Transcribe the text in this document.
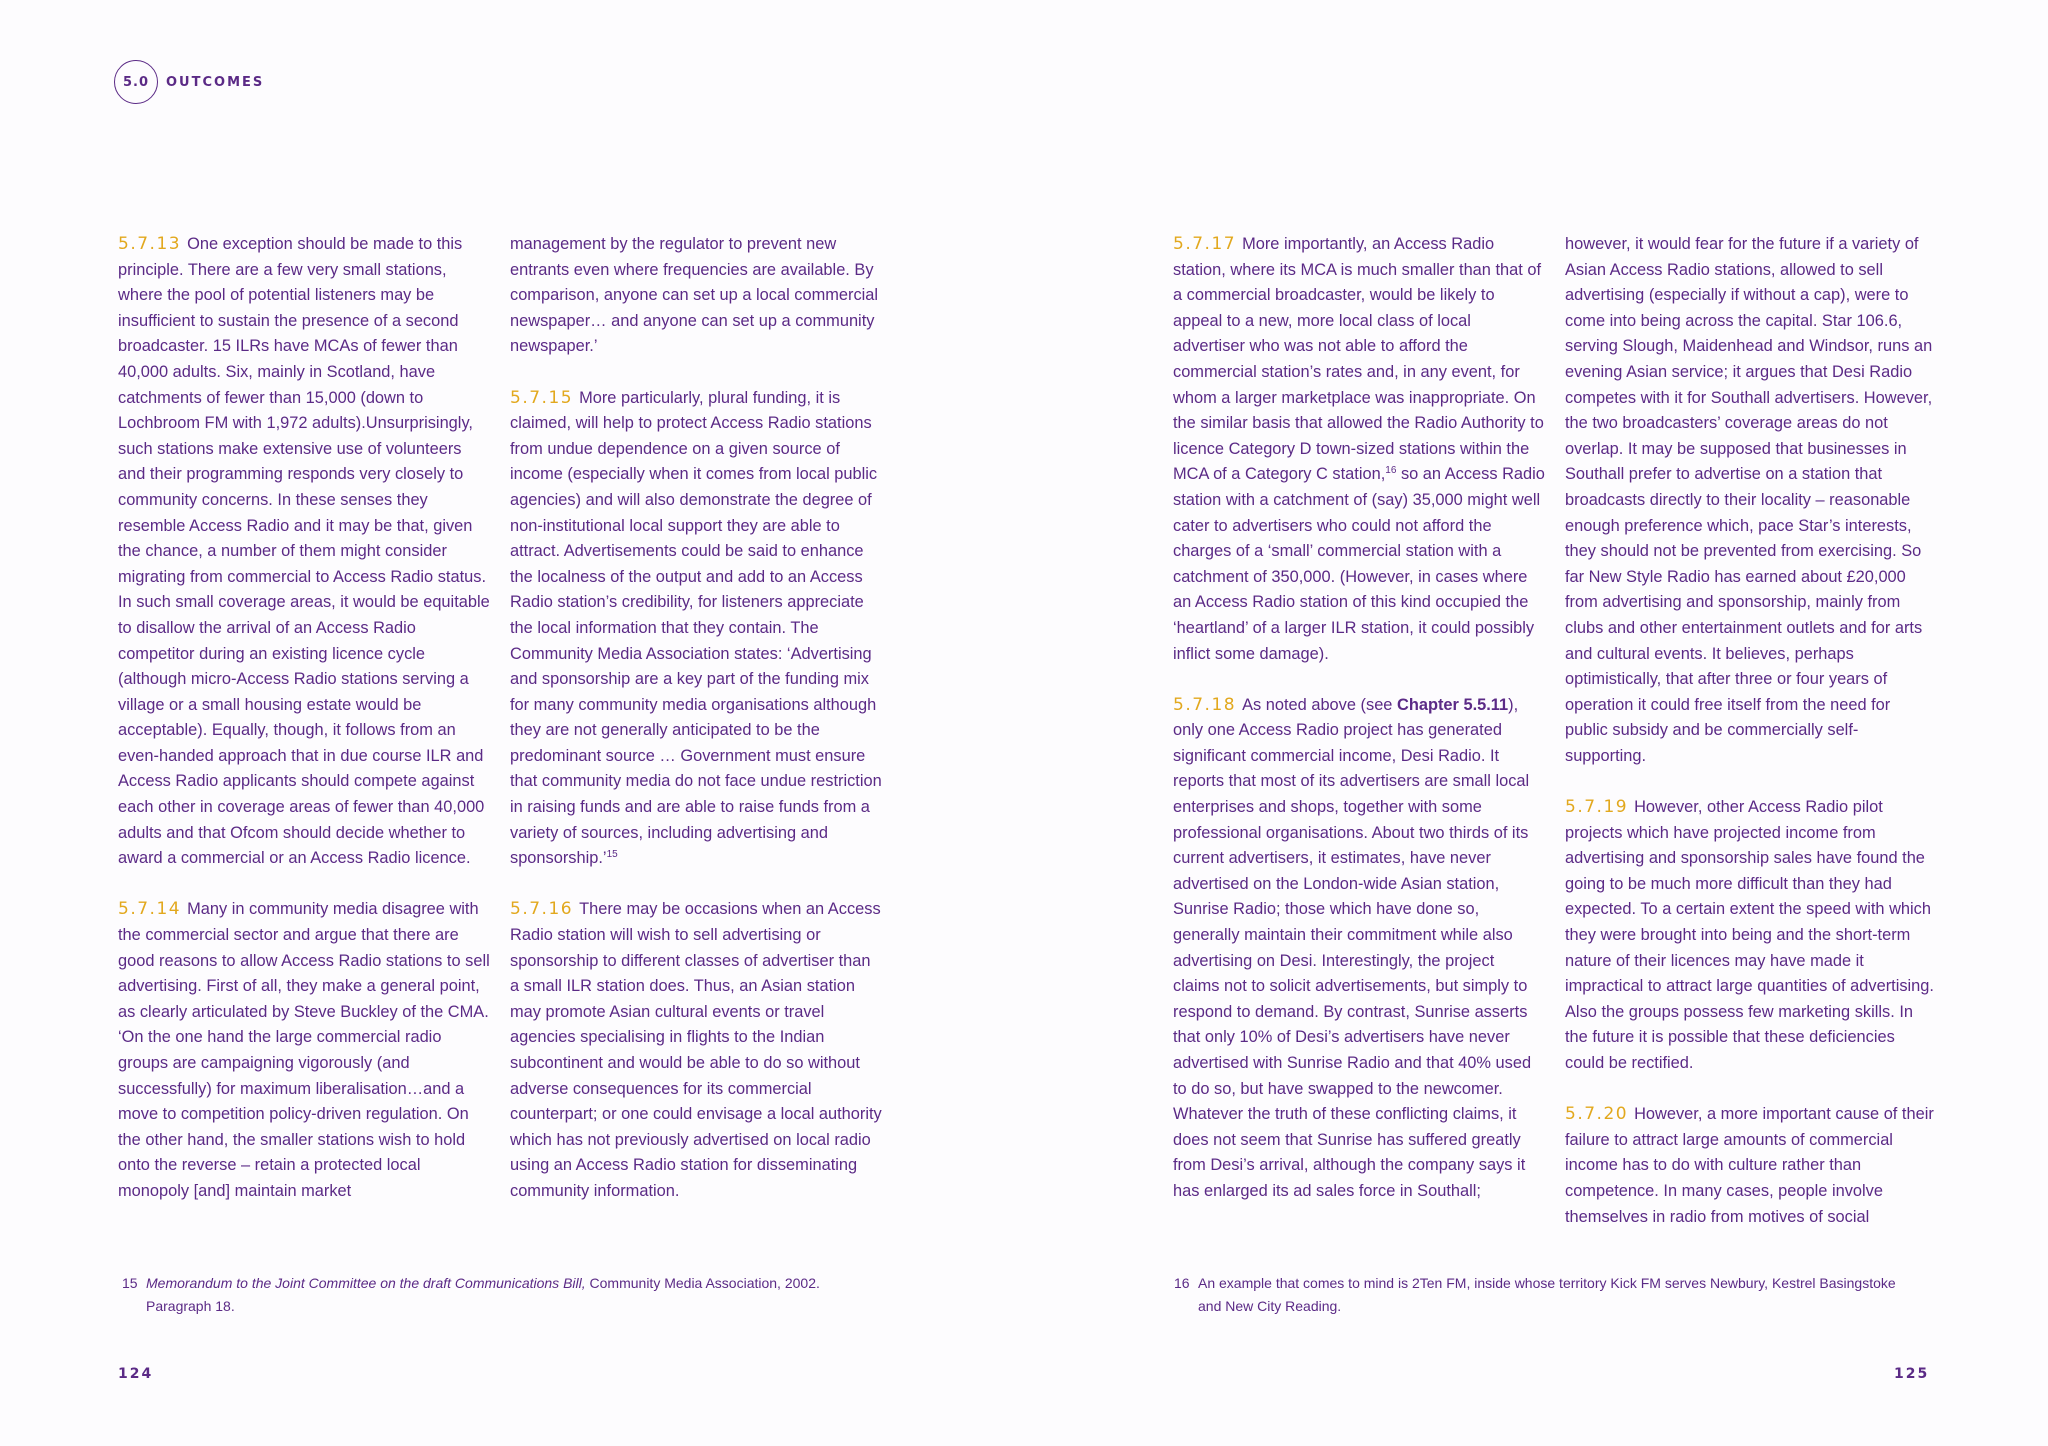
5.0	OUTCOMES

5.7.13 One exception should be made to this principle. There are a few very small stations, where the pool of potential listeners may be insufficient to sustain the presence of a second broadcaster. 15 ILRs have MCAs of fewer than 40,000 adults. Six, mainly in Scotland, have catchments of fewer than 15,000 (down to Lochbroom FM with 1,972 adults).Unsurprisingly, such stations make extensive use of volunteers and their programming responds very closely to community concerns. In these senses they resemble Access Radio and it may be that, given the chance, a number of them might consider migrating from commercial to Access Radio status. In such small coverage areas, it would be equitable to disallow the arrival of an Access Radio competitor during an existing licence cycle (although micro-Access Radio stations serving a village or a small housing estate would be acceptable). Equally, though, it follows from an even-handed approach that in due course ILR and Access Radio applicants should compete against each other in coverage areas of fewer than 40,000 adults and that Ofcom should decide whether to award a commercial or an Access Radio licence.

5.7.14 Many in community media disagree with the commercial sector and argue that there are good reasons to allow Access Radio stations to sell advertising. First of all, they make a general point, as clearly articulated by Steve Buckley of the CMA. ‘On the one hand the large commercial radio groups are campaigning vigorously (and successfully) for maximum liberalisation…and a move to competition policy-driven regulation. On the other hand, the smaller stations wish to hold onto the reverse – retain a protected local monopoly [and] maintain market

management by the regulator to prevent new entrants even where frequencies are available. By comparison, anyone can set up a local commercial newspaper… and anyone can set up a community newspaper.’

5.7.15 More particularly, plural funding, it is claimed, will help to protect Access Radio stations from undue dependence on a given source of income (especially when it comes from local public agencies) and will also demonstrate the degree of non-institutional local support they are able to attract. Advertisements could be said to enhance the localness of the output and add to an Access Radio station’s credibility, for listeners appreciate the local information that they contain. The Community Media Association states: ‘Advertising and sponsorship are a key part of the funding mix for many community media organisations although they are not generally anticipated to be the predominant source … Government must ensure that community media do not face undue restriction in raising funds and are able to raise funds from a variety of sources, including advertising and sponsorship.’$^{15}$

5.7.16 There may be occasions when an Access Radio station will wish to sell advertising or sponsorship to different classes of advertiser than a small ILR station does. Thus, an Asian station may promote Asian cultural events or travel agencies specialising in flights to the Indian subcontinent and would be able to do so without adverse consequences for its commercial counterpart; or one could envisage a local authority which has not previously advertised on local radio using an Access Radio station for disseminating community information.

5.7.17 More importantly, an Access Radio station, where its MCA is much smaller than that of a commercial broadcaster, would be likely to appeal to a new, more local class of local advertiser who was not able to afford the commercial station’s rates and, in any event, for whom a larger marketplace was inappropriate. On the similar basis that allowed the Radio Authority to licence Category D town-sized stations within the MCA of a Category C station,$^{16}$ so an Access Radio station with a catchment of (say) 35,000 might well cater to advertisers who could not afford the charges of a ‘small’ commercial station with a catchment of 350,000. (However, in cases where an Access Radio station of this kind occupied the ‘heartland’ of a larger ILR station, it could possibly inflict some damage).

5.7.18 As noted above (see Chapter 5.5.11), only one Access Radio project has generated significant commercial income, Desi Radio. It reports that most of its advertisers are small local enterprises and shops, together with some professional organisations. About two thirds of its current advertisers, it estimates, have never advertised on the London-wide Asian station, Sunrise Radio; those which have done so, generally maintain their commitment while also advertising on Desi. Interestingly, the project claims not to solicit advertisements, but simply to respond to demand. By contrast, Sunrise asserts that only 10% of Desi’s advertisers have never advertised with Sunrise Radio and that 40% used to do so, but have swapped to the newcomer. Whatever the truth of these conflicting claims, it does not seem that Sunrise has suffered greatly from Desi’s arrival, although the company says it has enlarged its ad sales force in Southall;

however, it would fear for the future if a variety of Asian Access Radio stations, allowed to sell advertising (especially if without a cap), were to come into being across the capital. Star 106.6, serving Slough, Maidenhead and Windsor, runs an evening Asian service; it argues that Desi Radio competes with it for Southall advertisers. However, the two broadcasters’ coverage areas do not overlap. It may be supposed that businesses in Southall prefer to advertise on a station that broadcasts directly to their locality – reasonable enough preference which, pace Star’s interests, they should not be prevented from exercising. So far New Style Radio has earned about £20,000 from advertising and sponsorship, mainly from clubs and other entertainment outlets and for arts and cultural events. It believes, perhaps optimistically, that after three or four years of operation it could free itself from the need for public subsidy and be commercially self-supporting.

5.7.19 However, other Access Radio pilot projects which have projected income from advertising and sponsorship sales have found the going to be much more difficult than they had expected. To a certain extent the speed with which they were brought into being and the short-term nature of their licences may have made it impractical to attract large quantities of advertising. Also the groups possess few marketing skills. In the future it is possible that these deficiencies could be rectified.

5.7.20 However, a more important cause of their failure to attract large amounts of commercial income has to do with culture rather than competence. In many cases, people involve themselves in radio from motives of social

15 Memorandum to the Joint Committee on the draft Communications Bill, Community Media Association, 2002.
Paragraph 18.
16 An example that comes to mind is 2Ten FM, inside whose territory Kick FM serves Newbury, Kestrel Basingstoke
and New City Reading.
124	125
